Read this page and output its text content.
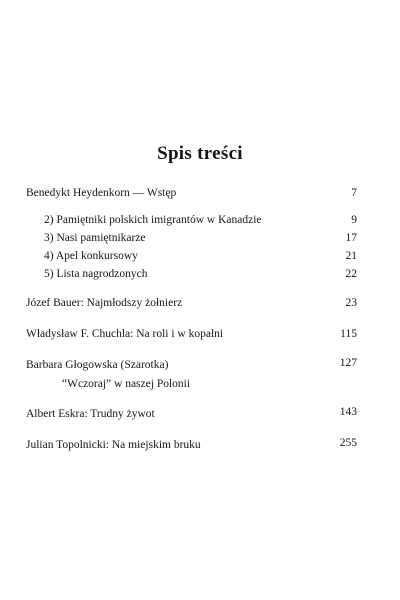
Spis treści
Benedykt Heydenkorn — Wstęp	7
2) Pamiętniki polskich imigrantów w Kanadzie	9
3) Nasi pamiętnikarze	17
4) Apel konkursowy	21
5) Lista nagrodzonych	22
Józef Bauer: Najmłodszy żołnierz	23
Władysław F. Chuchla: Na roli i w kopalni	115
Barbara Głogowska (Szarotka)	127
“Wczoraj” w naszej Polonii
Albert Eskra: Trudny żywot	143
Julian Topolnicki: Na miejskim bruku	255
